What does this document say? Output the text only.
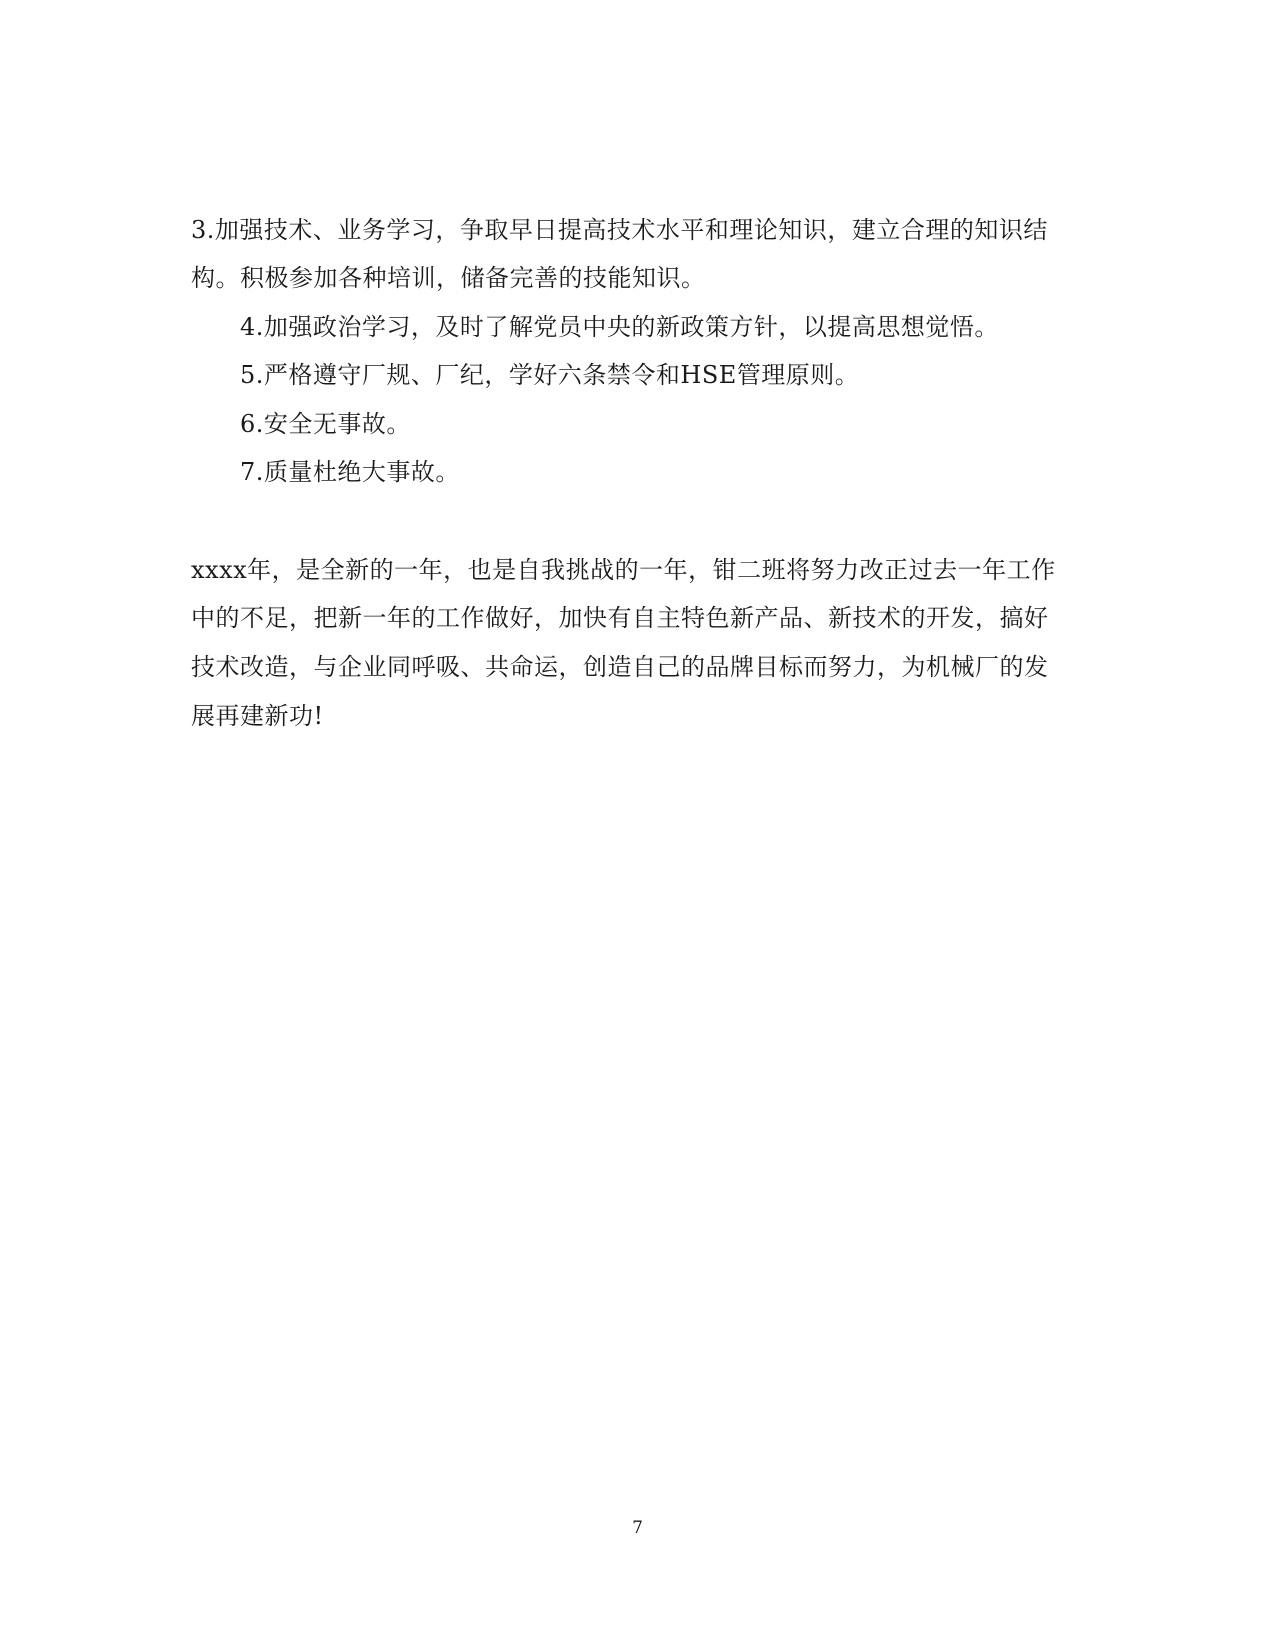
3.加强技术、业务学习，争取早日提高技术水平和理论知识，建立合理的知识结
构。积极参加各种培训，储备完善的技能知识。
4.加强政治学习，及时了解党员中央的新政策方针，以提高思想觉悟。
5.严格遵守厂规、厂纪，学好六条禁令和HSE管理原则。
6.安全无事故。
7.质量杜绝大事故。
xxxx年，是全新的一年，也是自我挑战的一年，钳二班将努力改正过去一年工作
中的不足，把新一年的工作做好，加快有自主特色新产品、新技术的开发，搞好
技术改造，与企业同呼吸、共命运，创造自己的品牌目标而努力，为机械厂的发
展再建新功!
7
